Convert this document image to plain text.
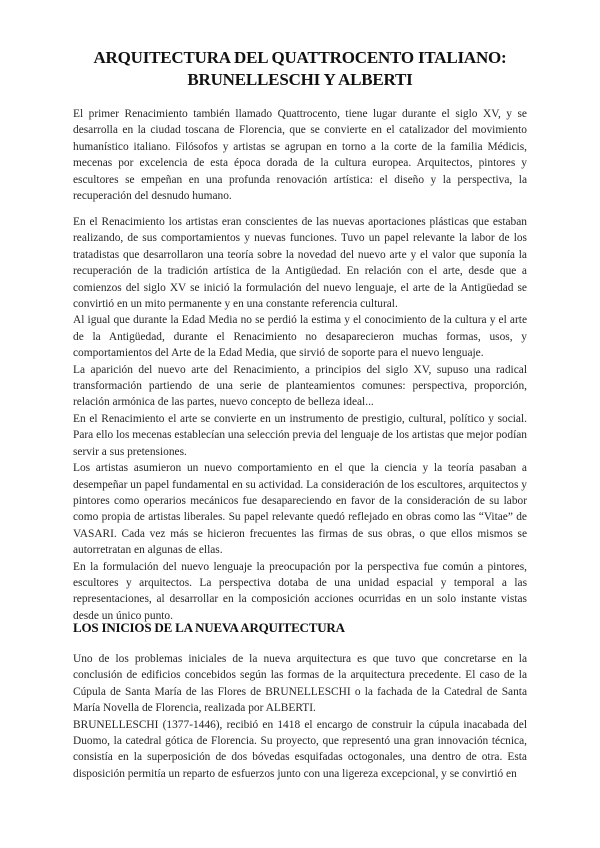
ARQUITECTURA DEL QUATTROCENTO ITALIANO:
BRUNELLESCHI Y ALBERTI

El primer Renacimiento también llamado Quattrocento, tiene lugar durante el siglo XV, y se desarrolla en la ciudad toscana de Florencia, que se convierte en el catalizador del movimiento humanístico italiano. Filósofos y artistas se agrupan en torno a la corte de la familia Médicis, mecenas por excelencia de esta época dorada de la cultura europea. Arquitectos, pintores y escultores se empeñan en una profunda renovación artística: el diseño y la perspectiva, la recuperación del desnudo humano.

En el Renacimiento los artistas eran conscientes de las nuevas aportaciones plásticas que estaban realizando, de sus comportamientos y nuevas funciones. Tuvo un papel relevante la labor de los tratadistas que desarrollaron una teoría sobre la novedad del nuevo arte y el valor que suponía la recuperación de la tradición artística de la Antigüedad. En relación con el arte, desde que a comienzos del siglo XV se inició la formulación del nuevo lenguaje, el arte de la Antigüedad se convirtió en un mito permanente y en una constante referencia cultural.

Al igual que durante la Edad Media no se perdió la estima y el conocimiento de la cultura y el arte de la Antigüedad, durante el Renacimiento no desaparecieron muchas formas, usos, y comportamientos del Arte de la Edad Media, que sirvió de soporte para el nuevo lenguaje.

La aparición del nuevo arte del Renacimiento, a principios del siglo XV, supuso una radical transformación partiendo de una serie de planteamientos comunes: perspectiva, proporción, relación armónica de las partes, nuevo concepto de belleza ideal...

En el Renacimiento el arte se convierte en un instrumento de prestigio, cultural, político y social. Para ello los mecenas establecían una selección previa del lenguaje de los artistas que mejor podían servir a sus pretensiones.

Los artistas asumieron un nuevo comportamiento en el que la ciencia y la teoría pasaban a desempeñar un papel fundamental en su actividad. La consideración de los escultores, arquitectos y pintores como operarios mecánicos fue desapareciendo en favor de la consideración de su labor como propia de artistas liberales. Su papel relevante quedó reflejado en obras como las “Vitae” de VASARI. Cada vez más se hicieron frecuentes las firmas de sus obras, o que ellos mismos se autorretratan en algunas de ellas.

En la formulación del nuevo lenguaje la preocupación por la perspectiva fue común a pintores, escultores y arquitectos. La perspectiva dotaba de una unidad espacial y temporal a las representaciones, al desarrollar en la composición acciones ocurridas en un solo instante vistas desde un único punto.

LOS INICIOS DE LA NUEVA ARQUITECTURA

Uno de los problemas iniciales de la nueva arquitectura es que tuvo que concretarse en la conclusión de edificios concebidos según las formas de la arquitectura precedente. El caso de la Cúpula de Santa María de las Flores de BRUNELLESCHI o la fachada de la Catedral de Santa María Novella de Florencia, realizada por ALBERTI.

BRUNELLESCHI (1377-1446), recibió en 1418 el encargo de construir la cúpula inacabada del Duomo, la catedral gótica de Florencia. Su proyecto, que representó una gran innovación técnica, consistía en la superposición de dos bóvedas esquifadas octogonales, una dentro de otra. Esta disposición permitía un reparto de esfuerzos junto con una ligereza excepcional, y se convirtió en
